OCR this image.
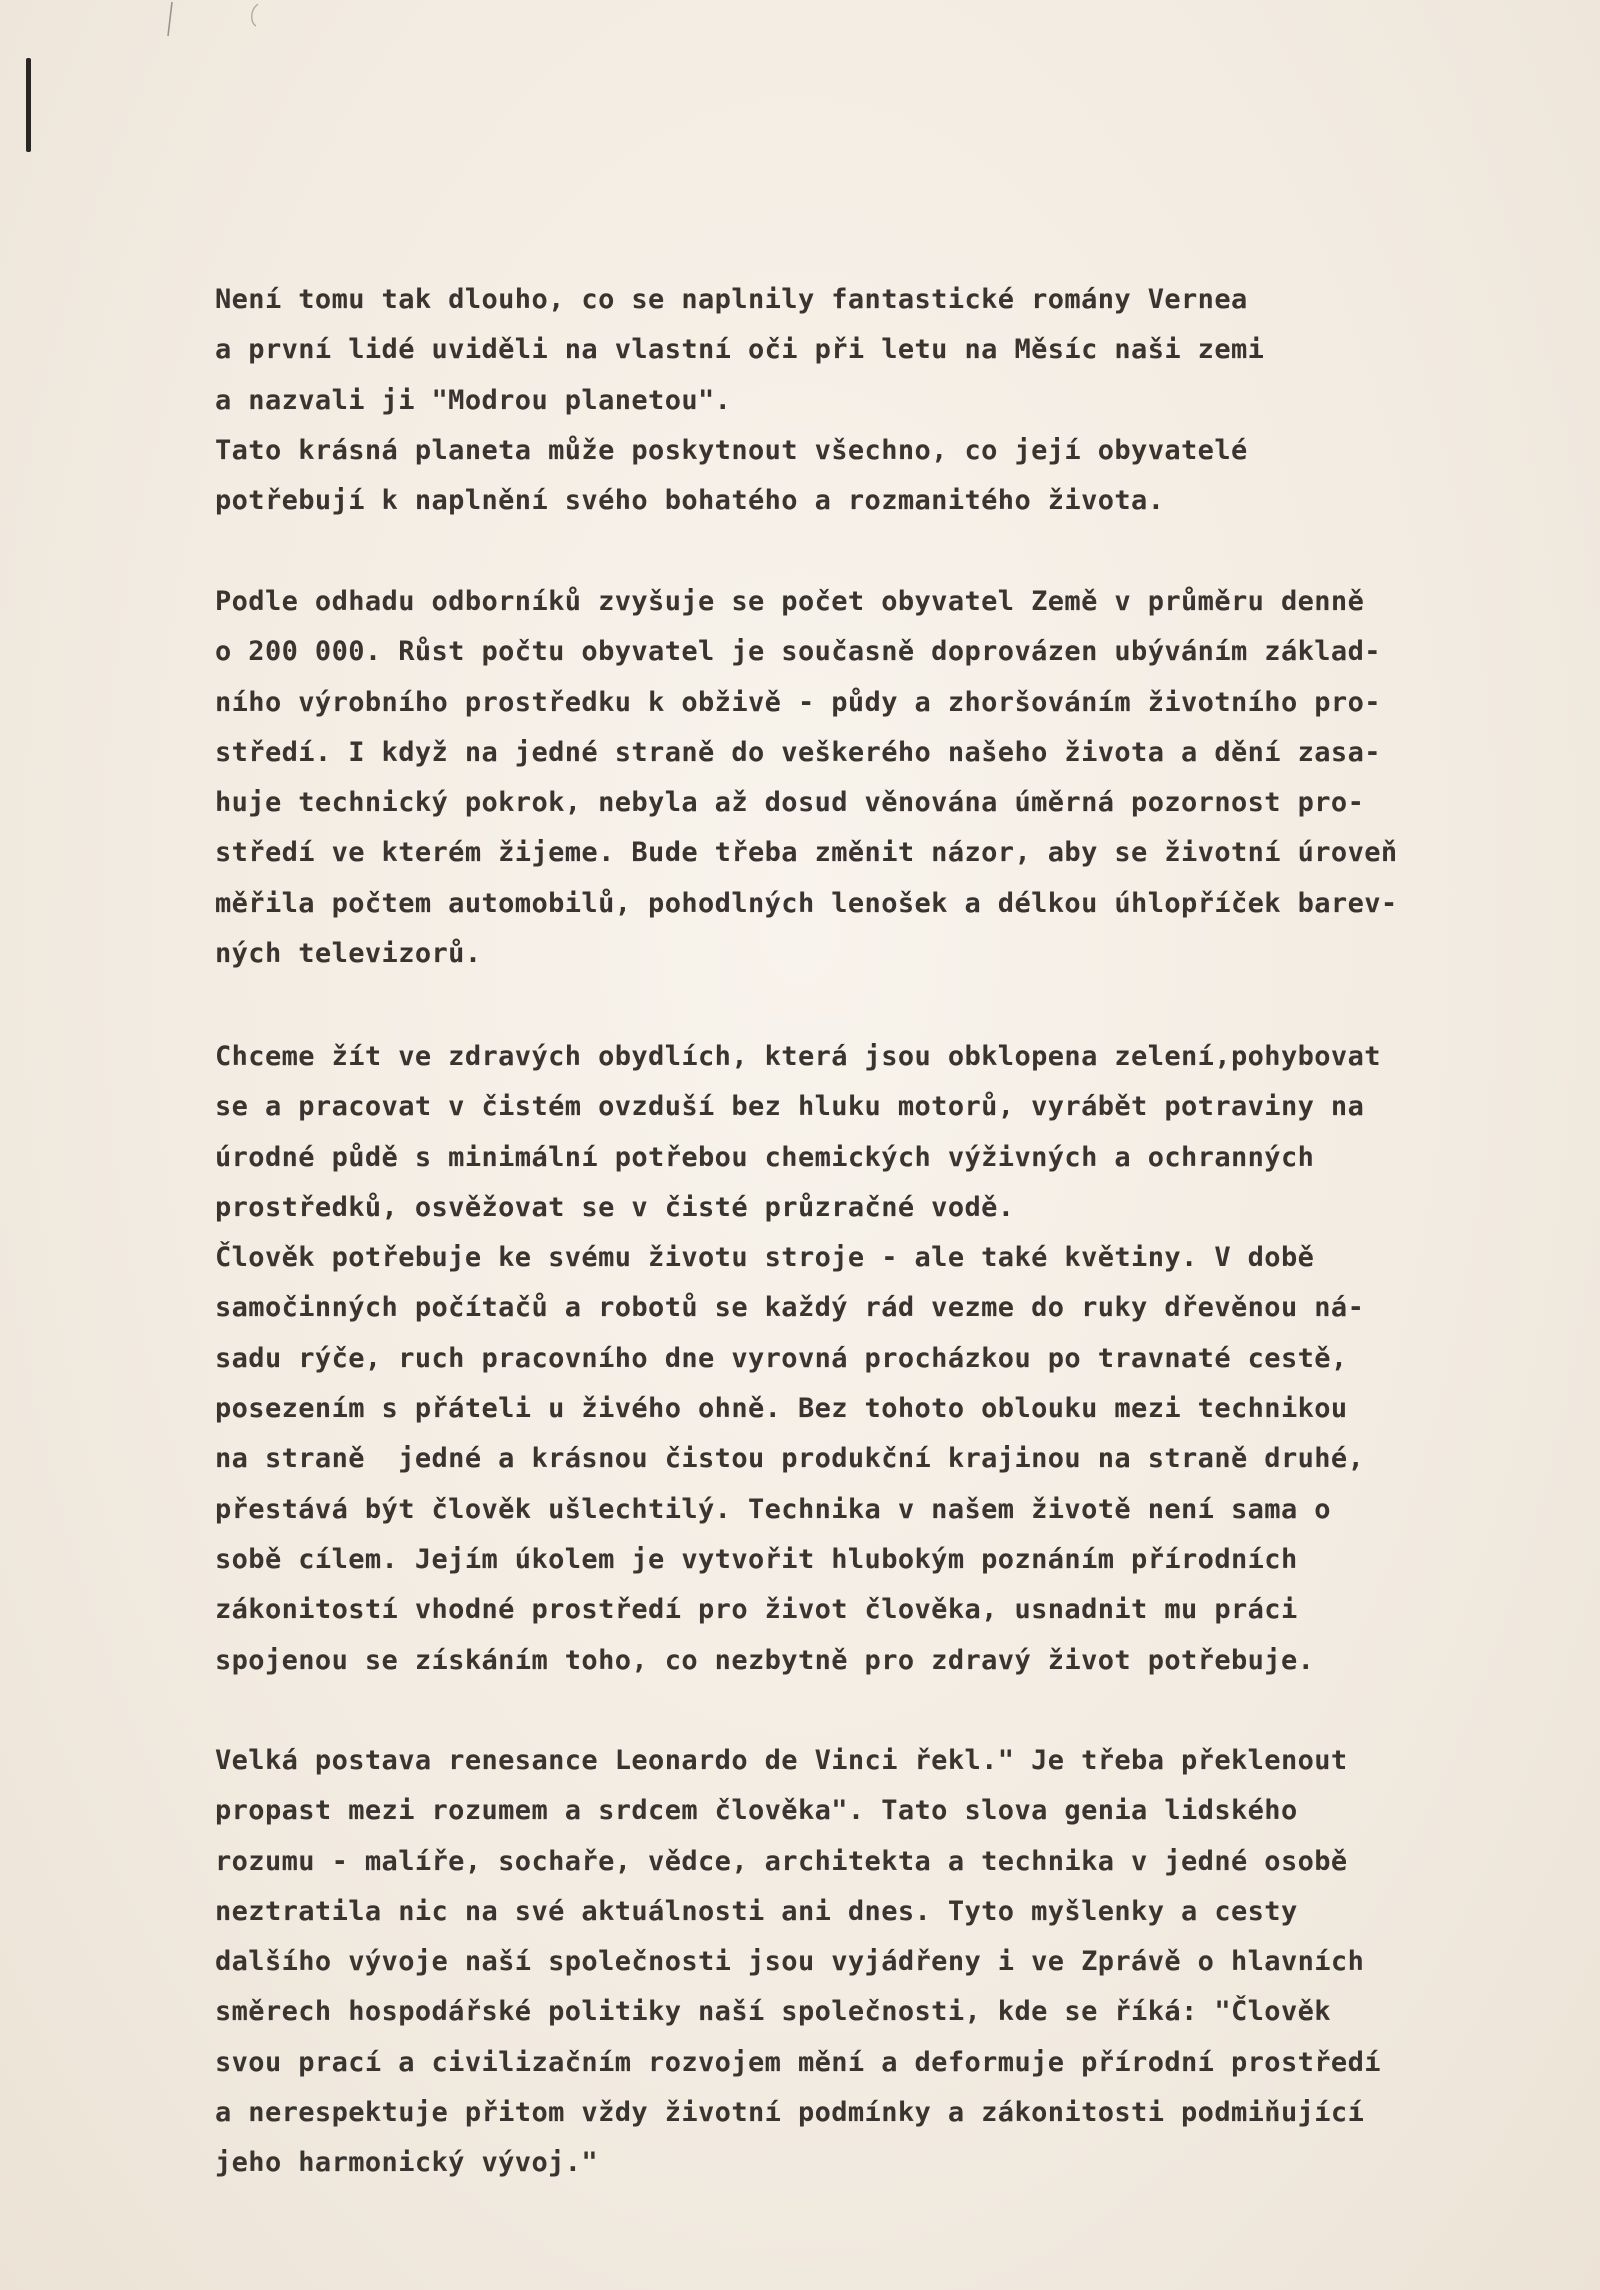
Není tomu tak dlouho, co se naplnily fantastické romány Vernea
a první lidé uviděli na vlastní oči při letu na Měsíc naši zemi
a nazvali ji "Modrou planetou".
Tato krásná planeta může poskytnout všechno, co její obyvatelé
potřebují k naplnění svého bohatého a rozmanitého života.
Podle odhadu odborníků zvyšuje se počet obyvatel Země v průměru denně
o 200 000. Růst počtu obyvatel je současně doprovázen ubýváním základ-
ního výrobního prostředku k obživě - půdy a zhoršováním životního pro-
středí. I když na jedné straně do veškerého našeho života a dění zasa-
huje technický pokrok, nebyla až dosud věnována úměrná pozornost pro-
středí ve kterém žijeme. Bude třeba změnit názor, aby se životní úroveň
měřila počtem automobilů, pohodlných lenošek a délkou úhlopříček barev-
ných televizorů.
Chceme žít ve zdravých obydlích, která jsou obklopena zelení,pohybovat
se a pracovat v čistém ovzduší bez hluku motorů, vyrábět potraviny na
úrodné půdě s minimální potřebou chemických výživných a ochranných
prostředků, osvěžovat se v čisté průzračné vodě.
Člověk potřebuje ke svému životu stroje - ale také květiny. V době
samočinných počítačů a robotů se každý rád vezme do ruky dřevěnou ná-
sadu rýče, ruch pracovního dne vyrovná procházkou po travnaté cestě,
posezením s přáteli u živého ohně. Bez tohoto oblouku mezi technikou
na straně  jedné a krásnou čistou produkční krajinou na straně druhé,
přestává být člověk ušlechtilý. Technika v našem životě není sama o
sobě cílem. Jejím úkolem je vytvořit hlubokým poznáním přírodních
zákonitostí vhodné prostředí pro život člověka, usnadnit mu práci
spojenou se získáním toho, co nezbytně pro zdravý život potřebuje.
Velká postava renesance Leonardo de Vinci řekl." Je třeba překlenout
propast mezi rozumem a srdcem člověka". Tato slova genia lidského
rozumu - malíře, sochaře, vědce, architekta a technika v jedné osobě
neztratila nic na své aktuálnosti ani dnes. Tyto myšlenky a cesty
dalšího vývoje naší společnosti jsou vyjádřeny i ve Zprávě o hlavních
směrech hospodářské politiky naší společnosti, kde se říká: "Člověk
svou prací a civilizačním rozvojem mění a deformuje přírodní prostředí
a nerespektuje přitom vždy životní podmínky a zákonitosti podmiňující
jeho harmonický vývoj."
